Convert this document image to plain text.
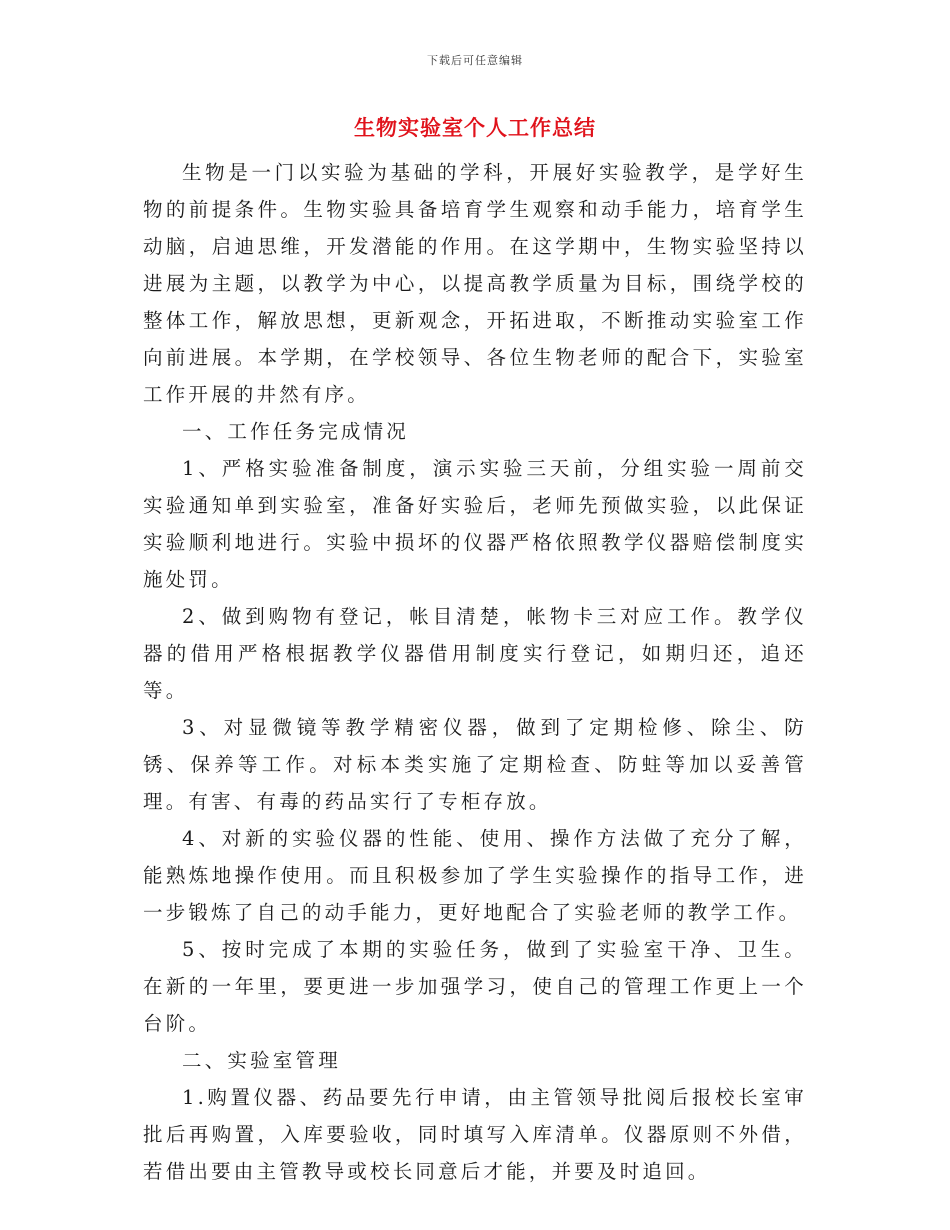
下载后可任意编辑
生物实验室个人工作总结

生物是一门以实验为基础的学科，开展好实验教学，是学好生物的前提条件。生物实验具备培育学生观察和动手能力，培育学生动脑，启迪思维，开发潜能的作用。在这学期中，生物实验坚持以进展为主题，以教学为中心，以提高教学质量为目标，围绕学校的整体工作，解放思想，更新观念，开拓进取，不断推动实验室工作向前进展。本学期，在学校领导、各位生物老师的配合下，实验室工作开展的井然有序。

一、工作任务完成情况

1、严格实验准备制度，演示实验三天前，分组实验一周前交实验通知单到实验室，准备好实验后，老师先预做实验，以此保证实验顺利地进行。实验中损坏的仪器严格依照教学仪器赔偿制度实施处罚。

2、做到购物有登记，帐目清楚，帐物卡三对应工作。教学仪器的借用严格根据教学仪器借用制度实行登记，如期归还，追还等。

3、对显微镜等教学精密仪器，做到了定期检修、除尘、防锈、保养等工作。对标本类实施了定期检查、防蛀等加以妥善管理。有害、有毒的药品实行了专柜存放。

4、对新的实验仪器的性能、使用、操作方法做了充分了解，能熟炼地操作使用。而且积极参加了学生实验操作的指导工作，进一步锻炼了自己的动手能力，更好地配合了实验老师的教学工作。

5、按时完成了本期的实验任务，做到了实验室干净、卫生。在新的一年里，要更进一步加强学习，使自己的管理工作更上一个台阶。

二、实验室管理

1.购置仪器、药品要先行申请，由主管领导批阅后报校长室审批后再购置，入库要验收，同时填写入库清单。仪器原则不外借，若借出要由主管教导或校长同意后才能，并要及时追回。
